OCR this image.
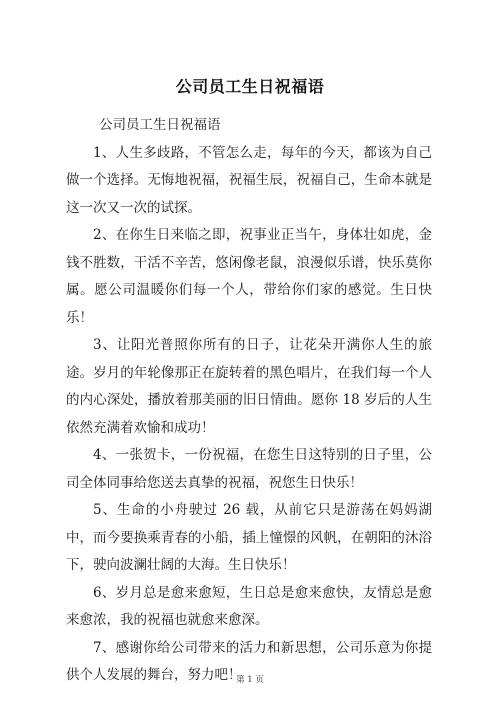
公司员工生日祝福语

公司员工生日祝福语

1、人生多歧路，不管怎么走，每年的今天，都该为自己做一个选择。无悔地祝福，祝福生辰，祝福自己，生命本就是这一次又一次的试探。

2、在你生日来临之即，祝事业正当午，身体壮如虎，金钱不胜数，干活不辛苦，悠闲像老鼠，浪漫似乐谱，快乐莫你属。愿公司温暖你们每一个人，带给你们家的感觉。生日快乐！

3、让阳光普照你所有的日子，让花朵开满你人生的旅途。岁月的年轮像那正在旋转着的黑色唱片，在我们每一个人的内心深处，播放着那美丽的旧日情曲。愿你 18 岁后的人生依然充满着欢愉和成功！

4、一张贺卡，一份祝福，在您生日这特别的日子里，公司全体同事给您送去真挚的祝福，祝您生日快乐！

5、生命的小舟驶过 26 载，从前它只是游荡在妈妈湖中，而今要换乘青春的小船，插上憧憬的风帆，在朝阳的沐浴下，驶向波澜壮阔的大海。生日快乐！

6、岁月总是愈来愈短，生日总是愈来愈快，友情总是愈来愈浓，我的祝福也就愈来愈深。

7、感谢你给公司带来的活力和新思想，公司乐意为你提供个人发展的舞台，努力吧！

第 1 页
